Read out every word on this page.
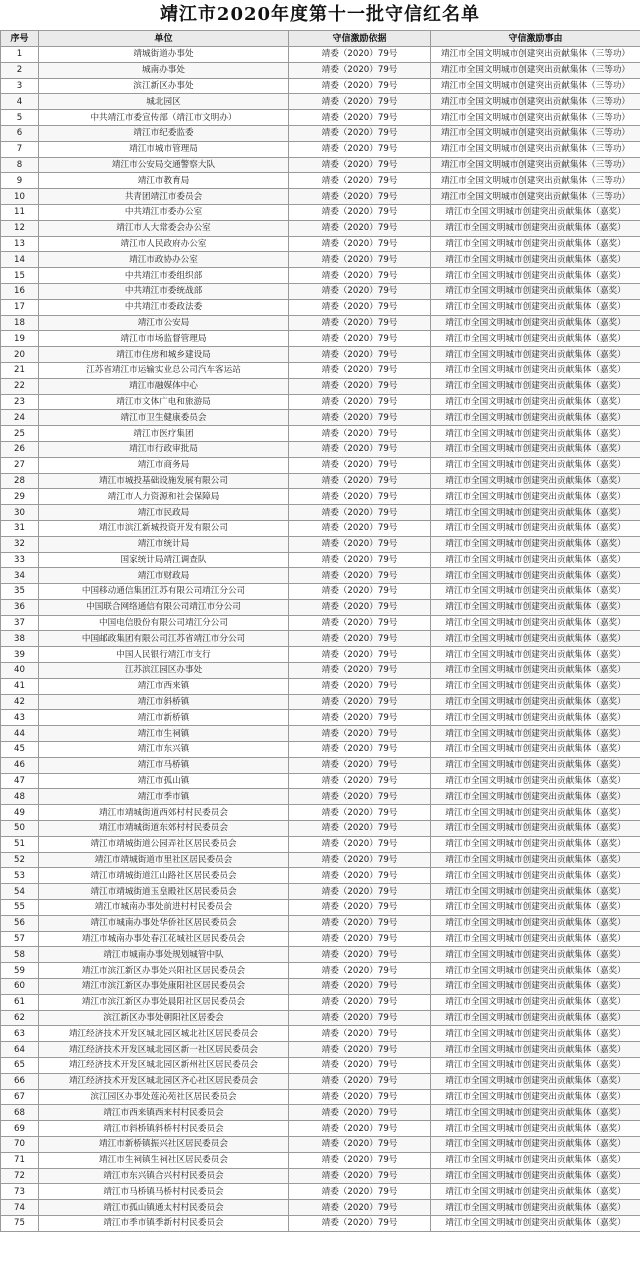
靖江市2020年度第十一批守信红名单
序号	单位	守信激励依据	守信激励事由
1	靖城街道办事处	靖委（2020）79号	靖江市全国文明城市创建突出贡献集体（三等功）
2	城南办事处	靖委（2020）79号	靖江市全国文明城市创建突出贡献集体（三等功）
3	滨江新区办事处	靖委（2020）79号	靖江市全国文明城市创建突出贡献集体（三等功）
4	城北园区	靖委（2020）79号	靖江市全国文明城市创建突出贡献集体（三等功）
5	中共靖江市委宣传部（靖江市文明办）	靖委（2020）79号	靖江市全国文明城市创建突出贡献集体（三等功）
6	靖江市纪委监委	靖委（2020）79号	靖江市全国文明城市创建突出贡献集体（三等功）
7	靖江市城市管理局	靖委（2020）79号	靖江市全国文明城市创建突出贡献集体（三等功）
8	靖江市公安局交通警察大队	靖委（2020）79号	靖江市全国文明城市创建突出贡献集体（三等功）
9	靖江市教育局	靖委（2020）79号	靖江市全国文明城市创建突出贡献集体（三等功）
10	共青团靖江市委员会	靖委（2020）79号	靖江市全国文明城市创建突出贡献集体（三等功）
11	中共靖江市委办公室	靖委（2020）79号	靖江市全国文明城市创建突出贡献集体（嘉奖）
12	靖江市人大常委会办公室	靖委（2020）79号	靖江市全国文明城市创建突出贡献集体（嘉奖）
13	靖江市人民政府办公室	靖委（2020）79号	靖江市全国文明城市创建突出贡献集体（嘉奖）
14	靖江市政协办公室	靖委（2020）79号	靖江市全国文明城市创建突出贡献集体（嘉奖）
15	中共靖江市委组织部	靖委（2020）79号	靖江市全国文明城市创建突出贡献集体（嘉奖）
16	中共靖江市委统战部	靖委（2020）79号	靖江市全国文明城市创建突出贡献集体（嘉奖）
17	中共靖江市委政法委	靖委（2020）79号	靖江市全国文明城市创建突出贡献集体（嘉奖）
18	靖江市公安局	靖委（2020）79号	靖江市全国文明城市创建突出贡献集体（嘉奖）
19	靖江市市场监督管理局	靖委（2020）79号	靖江市全国文明城市创建突出贡献集体（嘉奖）
20	靖江市住房和城乡建设局	靖委（2020）79号	靖江市全国文明城市创建突出贡献集体（嘉奖）
21	江苏省靖江市运输实业总公司汽车客运站	靖委（2020）79号	靖江市全国文明城市创建突出贡献集体（嘉奖）
22	靖江市融媒体中心	靖委（2020）79号	靖江市全国文明城市创建突出贡献集体（嘉奖）
23	靖江市文体广电和旅游局	靖委（2020）79号	靖江市全国文明城市创建突出贡献集体（嘉奖）
24	靖江市卫生健康委员会	靖委（2020）79号	靖江市全国文明城市创建突出贡献集体（嘉奖）
25	靖江市医疗集团	靖委（2020）79号	靖江市全国文明城市创建突出贡献集体（嘉奖）
26	靖江市行政审批局	靖委（2020）79号	靖江市全国文明城市创建突出贡献集体（嘉奖）
27	靖江市商务局	靖委（2020）79号	靖江市全国文明城市创建突出贡献集体（嘉奖）
28	靖江市城投基础设施发展有限公司	靖委（2020）79号	靖江市全国文明城市创建突出贡献集体（嘉奖）
29	靖江市人力资源和社会保障局	靖委（2020）79号	靖江市全国文明城市创建突出贡献集体（嘉奖）
30	靖江市民政局	靖委（2020）79号	靖江市全国文明城市创建突出贡献集体（嘉奖）
31	靖江市滨江新城投资开发有限公司	靖委（2020）79号	靖江市全国文明城市创建突出贡献集体（嘉奖）
32	靖江市统计局	靖委（2020）79号	靖江市全国文明城市创建突出贡献集体（嘉奖）
33	国家统计局靖江调查队	靖委（2020）79号	靖江市全国文明城市创建突出贡献集体（嘉奖）
34	靖江市财政局	靖委（2020）79号	靖江市全国文明城市创建突出贡献集体（嘉奖）
35	中国移动通信集团江苏有限公司靖江分公司	靖委（2020）79号	靖江市全国文明城市创建突出贡献集体（嘉奖）
36	中国联合网络通信有限公司靖江市分公司	靖委（2020）79号	靖江市全国文明城市创建突出贡献集体（嘉奖）
37	中国电信股份有限公司靖江分公司	靖委（2020）79号	靖江市全国文明城市创建突出贡献集体（嘉奖）
38	中国邮政集团有限公司江苏省靖江市分公司	靖委（2020）79号	靖江市全国文明城市创建突出贡献集体（嘉奖）
39	中国人民银行靖江市支行	靖委（2020）79号	靖江市全国文明城市创建突出贡献集体（嘉奖）
40	江苏滨江园区办事处	靖委（2020）79号	靖江市全国文明城市创建突出贡献集体（嘉奖）
41	靖江市西来镇	靖委（2020）79号	靖江市全国文明城市创建突出贡献集体（嘉奖）
42	靖江市斜桥镇	靖委（2020）79号	靖江市全国文明城市创建突出贡献集体（嘉奖）
43	靖江市新桥镇	靖委（2020）79号	靖江市全国文明城市创建突出贡献集体（嘉奖）
44	靖江市生祠镇	靖委（2020）79号	靖江市全国文明城市创建突出贡献集体（嘉奖）
45	靖江市东兴镇	靖委（2020）79号	靖江市全国文明城市创建突出贡献集体（嘉奖）
46	靖江市马桥镇	靖委（2020）79号	靖江市全国文明城市创建突出贡献集体（嘉奖）
47	靖江市孤山镇	靖委（2020）79号	靖江市全国文明城市创建突出贡献集体（嘉奖）
48	靖江市季市镇	靖委（2020）79号	靖江市全国文明城市创建突出贡献集体（嘉奖）
49	靖江市靖城街道西郊村村民委员会	靖委（2020）79号	靖江市全国文明城市创建突出贡献集体（嘉奖）
50	靖江市靖城街道东郊村村民委员会	靖委（2020）79号	靖江市全国文明城市创建突出贡献集体（嘉奖）
51	靖江市靖城街道公园弄社区居民委员会	靖委（2020）79号	靖江市全国文明城市创建突出贡献集体（嘉奖）
52	靖江市靖城街道市里社区居民委员会	靖委（2020）79号	靖江市全国文明城市创建突出贡献集体（嘉奖）
53	靖江市靖城街道江山路社区居民委员会	靖委（2020）79号	靖江市全国文明城市创建突出贡献集体（嘉奖）
54	靖江市靖城街道玉皇殿社区居民委员会	靖委（2020）79号	靖江市全国文明城市创建突出贡献集体（嘉奖）
55	靖江市城南办事处前进村村民委员会	靖委（2020）79号	靖江市全国文明城市创建突出贡献集体（嘉奖）
56	靖江市城南办事处华侨社区居民委员会	靖委（2020）79号	靖江市全国文明城市创建突出贡献集体（嘉奖）
57	靖江市城南办事处春江花城社区居民委员会	靖委（2020）79号	靖江市全国文明城市创建突出贡献集体（嘉奖）
58	靖江市城南办事处规划城管中队	靖委（2020）79号	靖江市全国文明城市创建突出贡献集体（嘉奖）
59	靖江市滨江新区办事处兴阳社区居民委员会	靖委（2020）79号	靖江市全国文明城市创建突出贡献集体（嘉奖）
60	靖江市滨江新区办事处康阳社区居民委员会	靖委（2020）79号	靖江市全国文明城市创建突出贡献集体（嘉奖）
61	靖江市滨江新区办事处晨阳社区居民委员会	靖委（2020）79号	靖江市全国文明城市创建突出贡献集体（嘉奖）
62	滨江新区办事处朝阳社区居委会	靖委（2020）79号	靖江市全国文明城市创建突出贡献集体（嘉奖）
63	靖江经济技术开发区城北园区城北社区居民委员会	靖委（2020）79号	靖江市全国文明城市创建突出贡献集体（嘉奖）
64	靖江经济技术开发区城北园区新一社区居民委员会	靖委（2020）79号	靖江市全国文明城市创建突出贡献集体（嘉奖）
65	靖江经济技术开发区城北园区新州社区居民委员会	靖委（2020）79号	靖江市全国文明城市创建突出贡献集体（嘉奖）
66	靖江经济技术开发区城北园区齐心社区居民委员会	靖委（2020）79号	靖江市全国文明城市创建突出贡献集体（嘉奖）
67	滨江园区办事处莲沁苑社区居民委员会	靖委（2020）79号	靖江市全国文明城市创建突出贡献集体（嘉奖）
68	靖江市西来镇西来村村民委员会	靖委（2020）79号	靖江市全国文明城市创建突出贡献集体（嘉奖）
69	靖江市斜桥镇斜桥村村民委员会	靖委（2020）79号	靖江市全国文明城市创建突出贡献集体（嘉奖）
70	靖江市新桥镇振兴社区居民委员会	靖委（2020）79号	靖江市全国文明城市创建突出贡献集体（嘉奖）
71	靖江市生祠镇生祠社区居民委员会	靖委（2020）79号	靖江市全国文明城市创建突出贡献集体（嘉奖）
72	靖江市东兴镇合兴村村民委员会	靖委（2020）79号	靖江市全国文明城市创建突出贡献集体（嘉奖）
73	靖江市马桥镇马桥村村民委员会	靖委（2020）79号	靖江市全国文明城市创建突出贡献集体（嘉奖）
74	靖江市孤山镇通太村村民委员会	靖委（2020）79号	靖江市全国文明城市创建突出贡献集体（嘉奖）
75	靖江市季市镇季新村村民委员会	靖委（2020）79号	靖江市全国文明城市创建突出贡献集体（嘉奖）
